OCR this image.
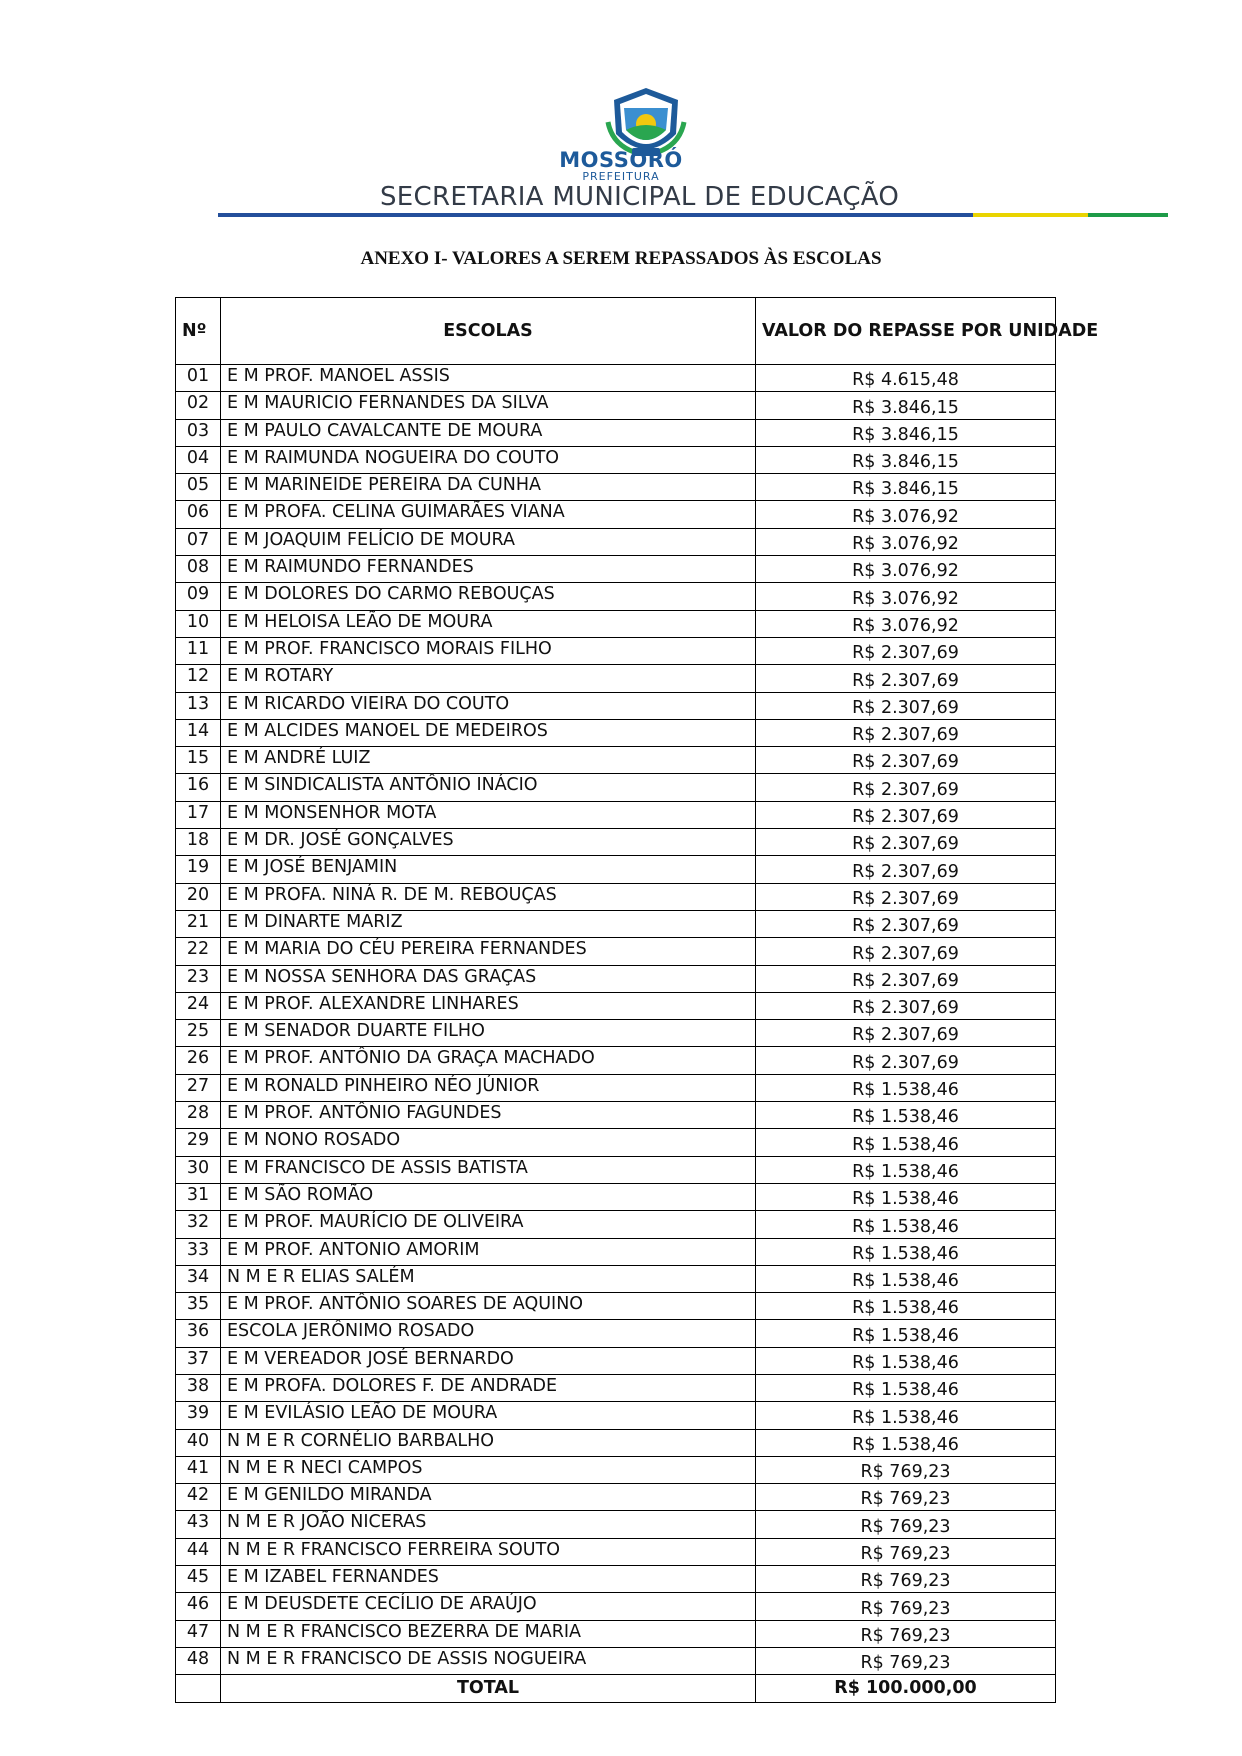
MOSSORÓ
PREFEITURA
SECRETARIA MUNICIPAL DE EDUCAÇÃO
ANEXO I- VALORES A SEREM REPASSADOS ÀS ESCOLAS
Nº	ESCOLAS	VALOR DO REPASSE POR UNIDADE
01	E M PROF. MANOEL ASSIS	R$ 4.615,48
02	E M MAURICIO FERNANDES DA SILVA	R$ 3.846,15
03	E M PAULO CAVALCANTE DE MOURA	R$ 3.846,15
04	E M RAIMUNDA NOGUEIRA DO COUTO	R$ 3.846,15
05	E M MARINEIDE PEREIRA DA CUNHA	R$ 3.846,15
06	E M PROFA. CELINA GUIMARÃES VIANA	R$ 3.076,92
07	E M JOAQUIM FELÍCIO DE MOURA	R$ 3.076,92
08	E M RAIMUNDO FERNANDES	R$ 3.076,92
09	E M DOLORES DO CARMO REBOUÇAS	R$ 3.076,92
10	E M HELOISA LEÃO DE MOURA	R$ 3.076,92
11	E M PROF. FRANCISCO MORAIS FILHO	R$ 2.307,69
12	E M ROTARY	R$ 2.307,69
13	E M RICARDO VIEIRA DO COUTO	R$ 2.307,69
14	E M ALCIDES MANOEL DE MEDEIROS	R$ 2.307,69
15	E M ANDRÉ LUIZ	R$ 2.307,69
16	E M SINDICALISTA ANTÔNIO INÁCIO	R$ 2.307,69
17	E M MONSENHOR MOTA	R$ 2.307,69
18	E M DR. JOSÉ GONÇALVES	R$ 2.307,69
19	E M JOSÉ BENJAMIN	R$ 2.307,69
20	E M PROFA. NINÁ R. DE M. REBOUÇAS	R$ 2.307,69
21	E M DINARTE MARIZ	R$ 2.307,69
22	E M MARIA DO CÉU PEREIRA FERNANDES	R$ 2.307,69
23	E M NOSSA SENHORA DAS GRAÇAS	R$ 2.307,69
24	E M PROF. ALEXANDRE LINHARES	R$ 2.307,69
25	E M SENADOR DUARTE FILHO	R$ 2.307,69
26	E M PROF. ANTÔNIO DA GRAÇA MACHADO	R$ 2.307,69
27	E M RONALD PINHEIRO NÉO JÚNIOR	R$ 1.538,46
28	E M PROF. ANTÔNIO FAGUNDES	R$ 1.538,46
29	E M NONO ROSADO	R$ 1.538,46
30	E M FRANCISCO DE ASSIS BATISTA	R$ 1.538,46
31	E M SÃO ROMÃO	R$ 1.538,46
32	E M PROF. MAURÍCIO DE OLIVEIRA	R$ 1.538,46
33	E M PROF. ANTONIO AMORIM	R$ 1.538,46
34	N M E R ELIAS SALÉM	R$ 1.538,46
35	E M PROF. ANTÔNIO SOARES DE AQUINO	R$ 1.538,46
36	ESCOLA JERÔNIMO ROSADO	R$ 1.538,46
37	E M VEREADOR JOSÉ BERNARDO	R$ 1.538,46
38	E M PROFA. DOLORES F. DE ANDRADE	R$ 1.538,46
39	E M EVILÁSIO LEÃO DE MOURA	R$ 1.538,46
40	N M E R CORNÉLIO BARBALHO	R$ 1.538,46
41	N M E R NECI CAMPOS	R$ 769,23
42	E M GENILDO MIRANDA	R$ 769,23
43	N M E R JOÃO NICERAS	R$ 769,23
44	N M E R FRANCISCO FERREIRA SOUTO	R$ 769,23
45	E M IZABEL FERNANDES	R$ 769,23
46	E M DEUSDETE CECÍLIO DE ARAÚJO	R$ 769,23
47	N M E R FRANCISCO BEZERRA DE MARIA	R$ 769,23
48	N M E R FRANCISCO DE ASSIS NOGUEIRA	R$ 769,23
	TOTAL	R$ 100.000,00
